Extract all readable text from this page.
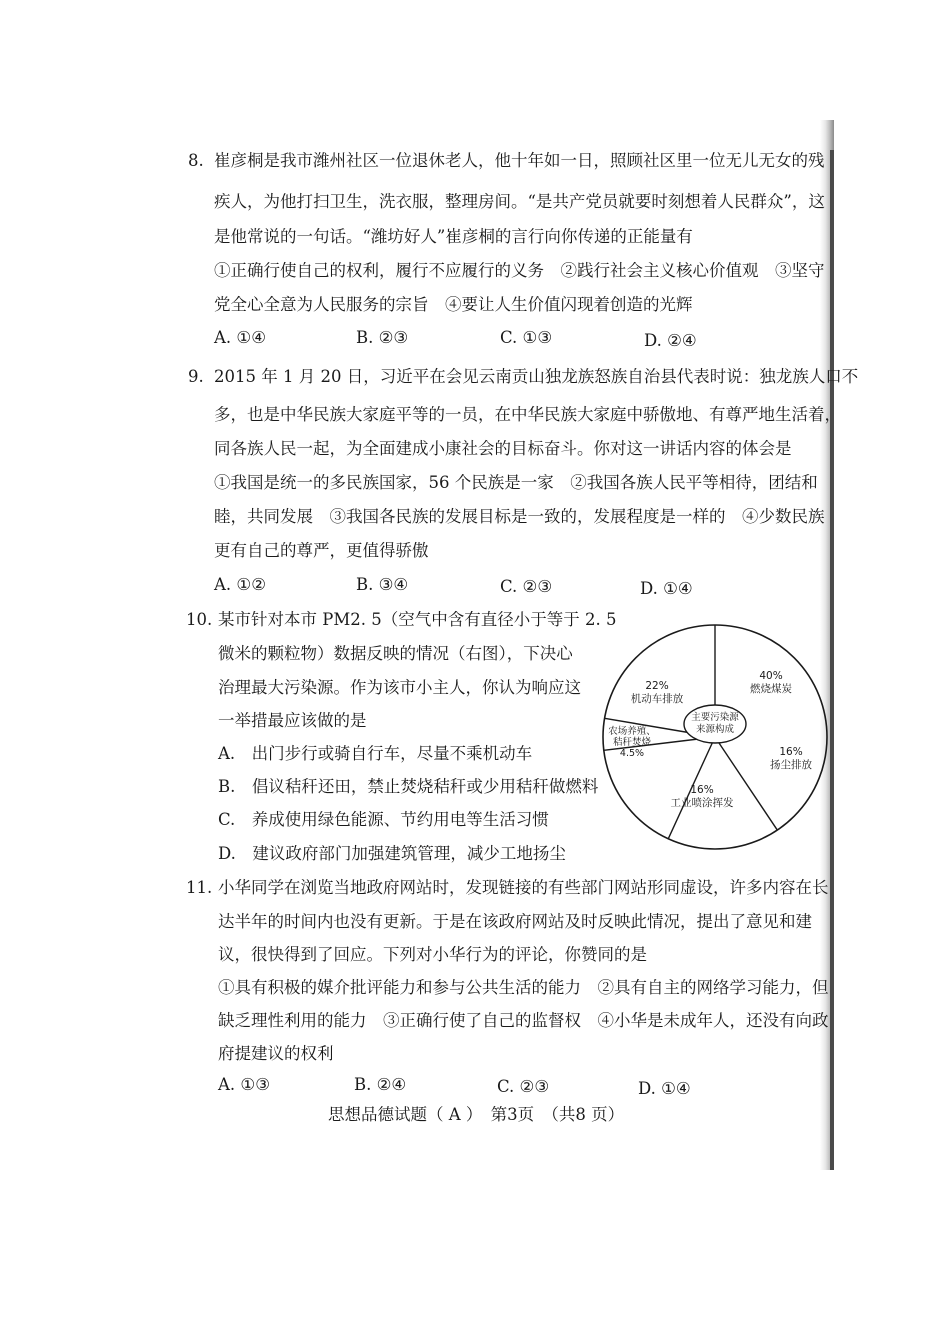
8. 崔彦桐是我市潍州社区一位退休老人，他十年如一日，照顾社区里一位无儿无女的残
疾人，为他打扫卫生，洗衣服，整理房间。“是共产党员就要时刻想着人民群众”，这
是他常说的一句话。“潍坊好人”崔彦桐的言行向你传递的正能量有
①正确行使自己的权利，履行不应履行的义务　②践行社会主义核心价值观　③坚守
党全心全意为人民服务的宗旨　④要让人生价值闪现着创造的光辉
A. ①④	B. ②③	C. ①③	D. ②④
9. 2015 年 1 月 20 日，习近平在会见云南贡山独龙族怒族自治县代表时说：独龙族人口不
多，也是中华民族大家庭平等的一员，在中华民族大家庭中骄傲地、有尊严地生活着，
同各族人民一起，为全面建成小康社会的目标奋斗。你对这一讲话内容的体会是
①我国是统一的多民族国家，56 个民族是一家　②我国各族人民平等相待，团结和
睦，共同发展　③我国各民族的发展目标是一致的，发展程度是一样的　④少数民族
更有自己的尊严，更值得骄傲
A. ①②	B. ③④	C. ②③	D. ①④
10. 某市针对本市 PM2. 5（空气中含有直径小于等于 2. 5
微米的颗粒物）数据反映的情况（右图），下决心
治理最大污染源。作为该市小主人，你认为响应这
一举措最应该做的是
A.　出门步行或骑自行车，尽量不乘机动车
B.　倡议秸秆还田，禁止焚烧秸秆或少用秸秆做燃料
C.　养成使用绿色能源、节约用电等生活习惯
D.　建议政府部门加强建筑管理，减少工地扬尘
主要污染源
来源构成
40%
燃烧煤炭
22%
机动车排放
16%
扬尘排放
16%
工业喷涂挥发
农场养殖、
秸秆焚烧
4.5%
11. 小华同学在浏览当地政府网站时，发现链接的有些部门网站形同虚设，许多内容在长
达半年的时间内也没有更新。于是在该政府网站及时反映此情况，提出了意见和建
议，很快得到了回应。下列对小华行为的评论，你赞同的是
①具有积极的媒介批评能力和参与公共生活的能力　②具有自主的网络学习能力，但
缺乏理性利用的能力　③正确行使了自己的监督权　④小华是未成年人，还没有向政
府提建议的权利
A. ①③	B. ②④	C. ②③	D. ①④
思想品德试题（ A ）　第3页　（共8 页）
